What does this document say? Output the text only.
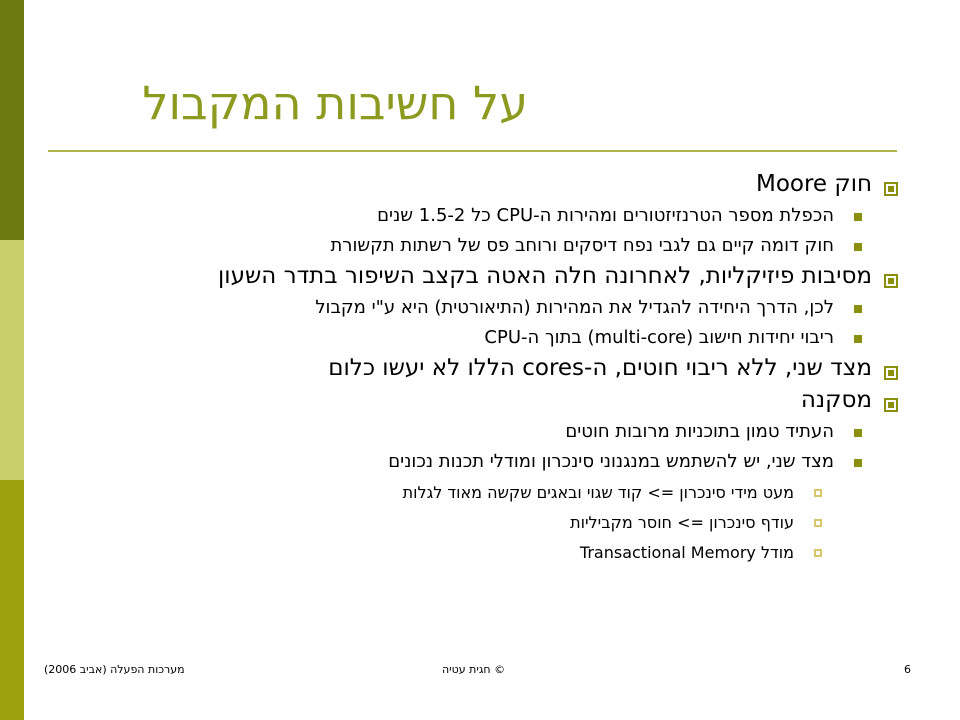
על חשיבות המקבול
חוק Moore
הכפלת מספר הטרנזיזטורים ומהירות ה-CPU כל 1.5-2 שנים
חוק דומה קיים גם לגבי נפח דיסקים ורוחב פס של רשתות תקשורת
מסיבות פיזיקליות, לאחרונה חלה האטה בקצב השיפור בתדר השעון
לכן, הדרך היחידה להגדיל את המהירות (התיאורטית) היא ע"י מקבול
ריבוי יחידות חישוב (multi-core) בתוך ה-CPU
מצד שני, ללא ריבוי חוטים, ה-cores הללו לא יעשו כלום
מסקנה
העתיד טמון בתוכניות מרובות חוטים
מצד שני, יש להשתמש במנגנוני סינכרון ומודלי תכנות נכונים
מעט מידי סינכרון => קוד שגוי ובאגים שקשה מאוד לגלות
עודף סינכרון => חוסר מקביליות
מודל Transactional Memory
6
© חגית עטיה
מערכות הפעלה (אביב 2006)
